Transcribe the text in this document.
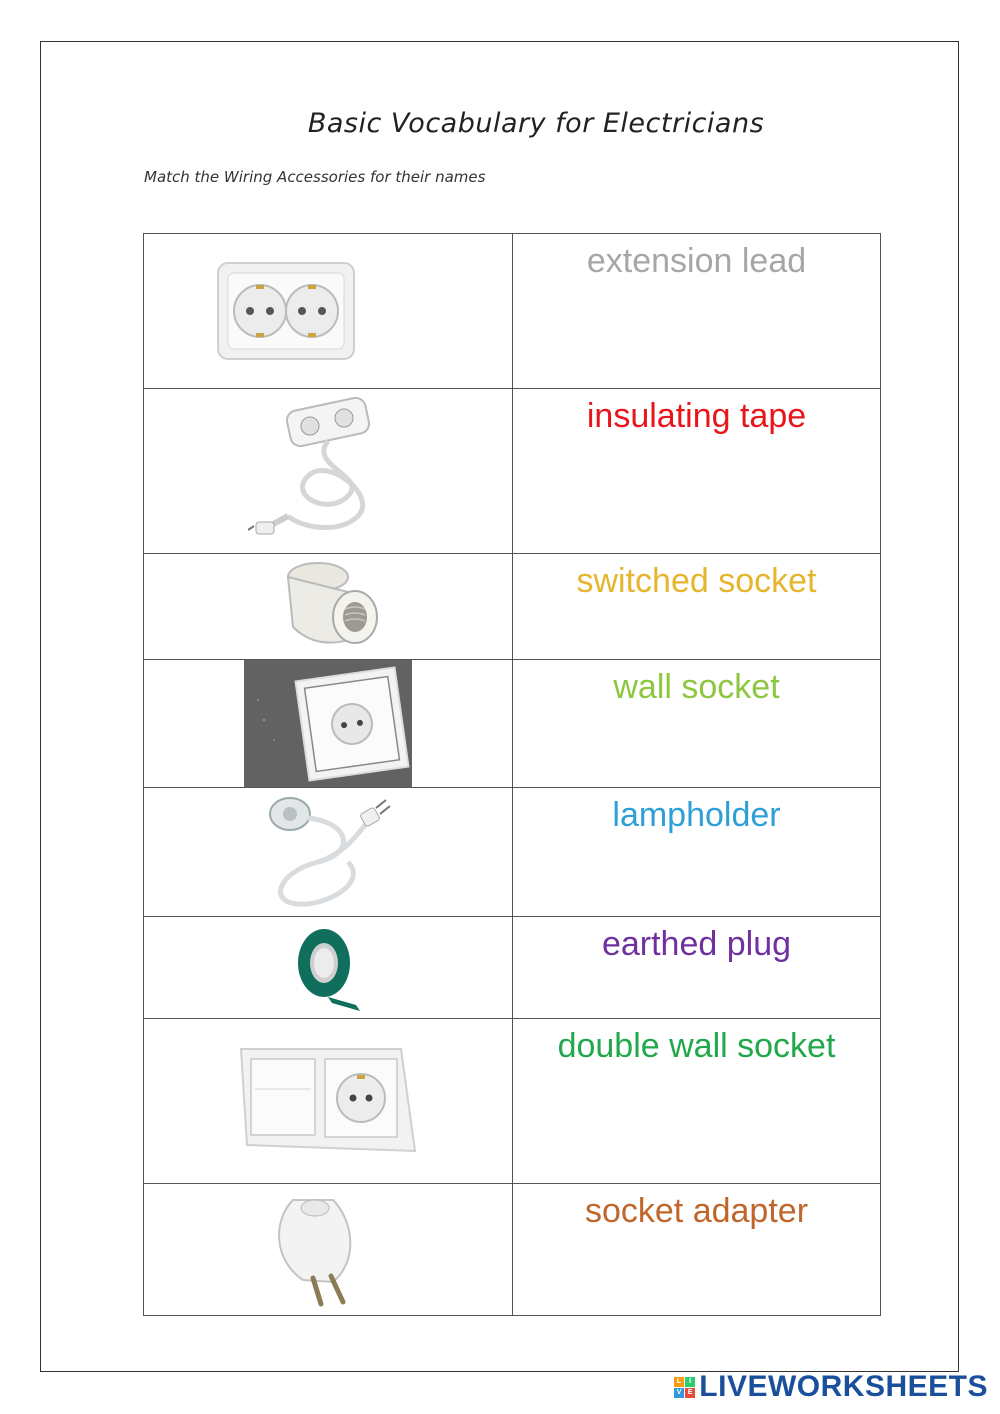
Basic Vocabulary for Electricians
Match the Wiring Accessories for their names
	extension lead

	insulating tape

	switched socket

	wall socket

	lampholder

	earthed plug

	double wall socket

	socket adapter
L	I
V E LIVEWORKSHEETS
